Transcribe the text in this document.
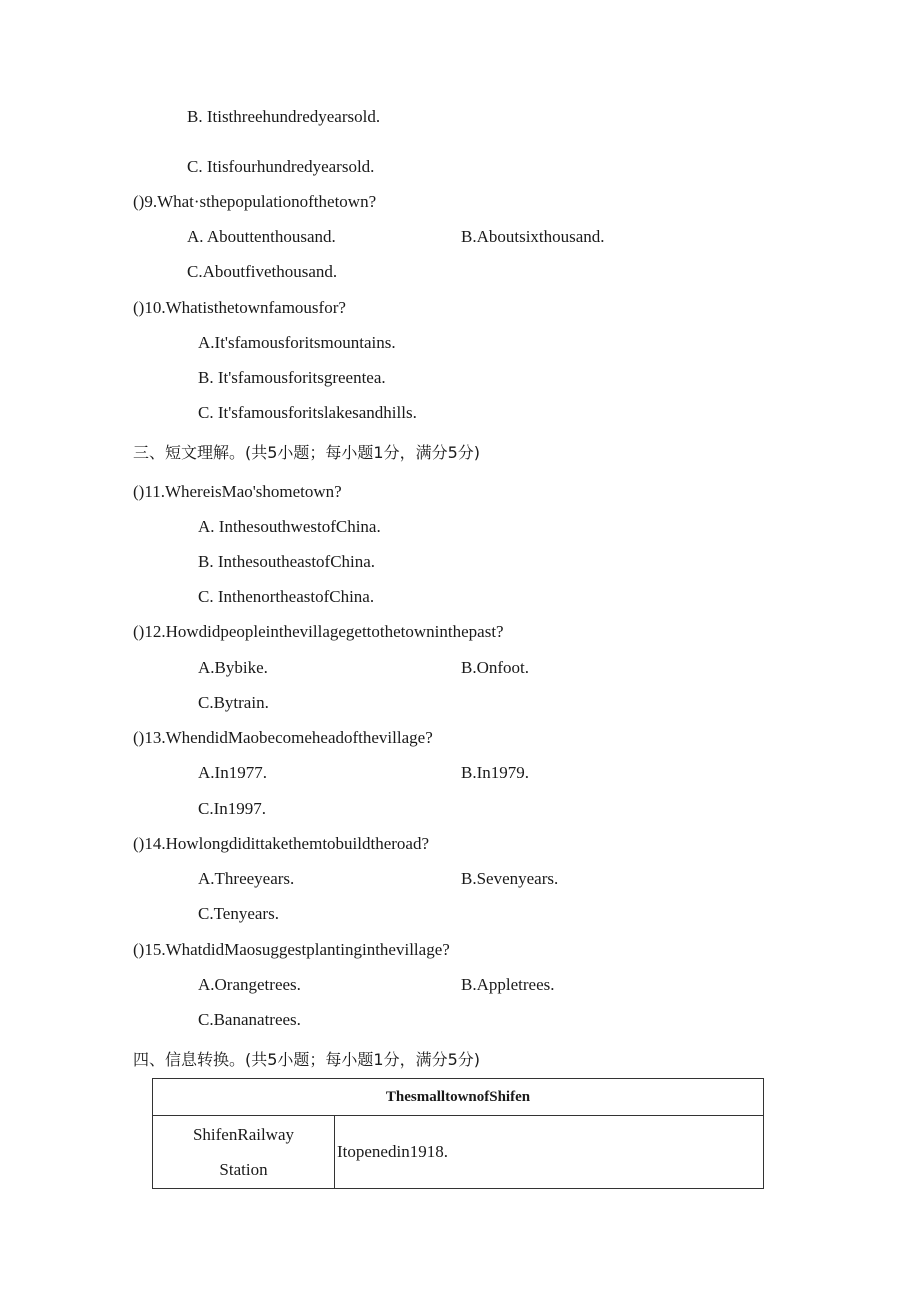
B. Itisthreehundredyearsold.
C. Itisfourhundredyearsold.
()9.What·sthepopulationofthetown?
A. Abouttenthousand.	B.Aboutsixthousand.
C.Aboutfivethousand.
()10.Whatisthetownfamousfor?
A.It'sfamousforitsmountains.
B. It'sfamousforitsgreentea.
C. It'sfamousforitslakesandhills.
三、短文理解。(共5小题；每小题1分，满分5分)
()11.WhereisMao'shometown?
A. InthesouthwestofChina.
B. InthesoutheastofChina.
C. InthenortheastofChina.
()12.Howdidpeopleinthevillagegettothetowninthepast?
A.Bybike.	B.Onfoot.
C.Bytrain.
()13.WhendidMaobecomeheadofthevillage?
A.In1977.	B.In1979.
C.In1997.
()14.Howlongdidittakethemtobuildtheroad?
A.Threeyears.	B.Sevenyears.
C.Tenyears.
()15.WhatdidMaosuggestplantinginthevillage?
A.Orangetrees.	B.Appletrees.
C.Bananatrees.
四、信息转换。(共5小题；每小题1分，满分5分)
ThesmalltownofShifen

ShifenRailway
Station
	Itopenedin1918.
